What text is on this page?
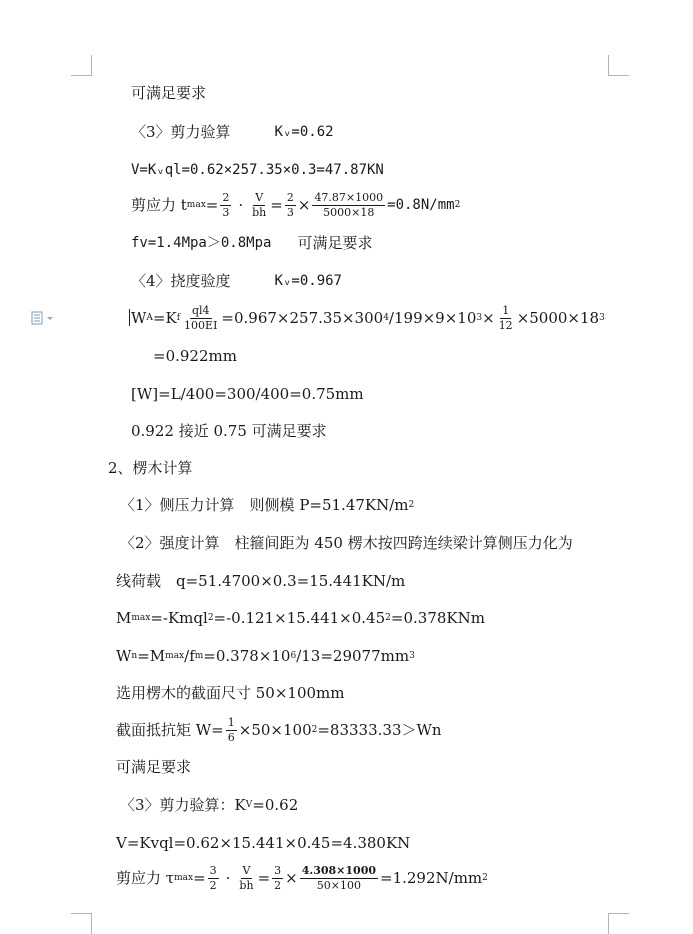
可满足要求
〈3〉剪力验算	Kᵥ=0.62
V=Kᵥql=0.62×257.35×0.3=47.87KN
剪应力 t $\max = \frac{2}{3} \cdot \frac{V}{bh} = \frac{2}{3} \times \frac{47.87\times 1000}{5000\times 18} =0.8N/mm$ 2
fv=1.4Mpa＞0.8Mpa 可满足要求
〈4〉挠度验度	Kᵥ=0.967
W A =K f $\frac{ql4}{100EI} =0.967\times 257.35\times 300$ 4 /199×9×10 $3 \times \frac{1}{12} \times 5000\times 18$ 3
=0.922mm
[W]=L/400=300/400=0.75mm
0.922 接近 0.75 可满足要求
2、楞木计算
〈1〉侧压力计算　则侧模 P=51.47KN/m 2
〈2〉强度计算　柱箍间距为 450 楞木按四跨连续梁计算侧压力化为
线荷载　q=51.4700×0.3=15.441KN/m
M max =-Kmql 2 =-0.121×15.441×0.45 2 =0.378KNm
W n =M max /f m =0.378×10 6 /13=29077mm 3
选用楞木的截面尺寸 50×100mm
截面抵抗矩 $W= \frac{1}{6} \times 50\times 100$ 2 =83333.33＞Wn
可满足要求
〈3〉剪力验算：K V =0.62
V=Kvql=0.62×15.441×0.45=4.380KN
剪应力 τ $\max = \frac{3}{2} \cdot \frac{V}{bh} = \frac{3}{2} \times \frac{4.308\times 1000}{50\times 100} =1.292N/mm$ 2
